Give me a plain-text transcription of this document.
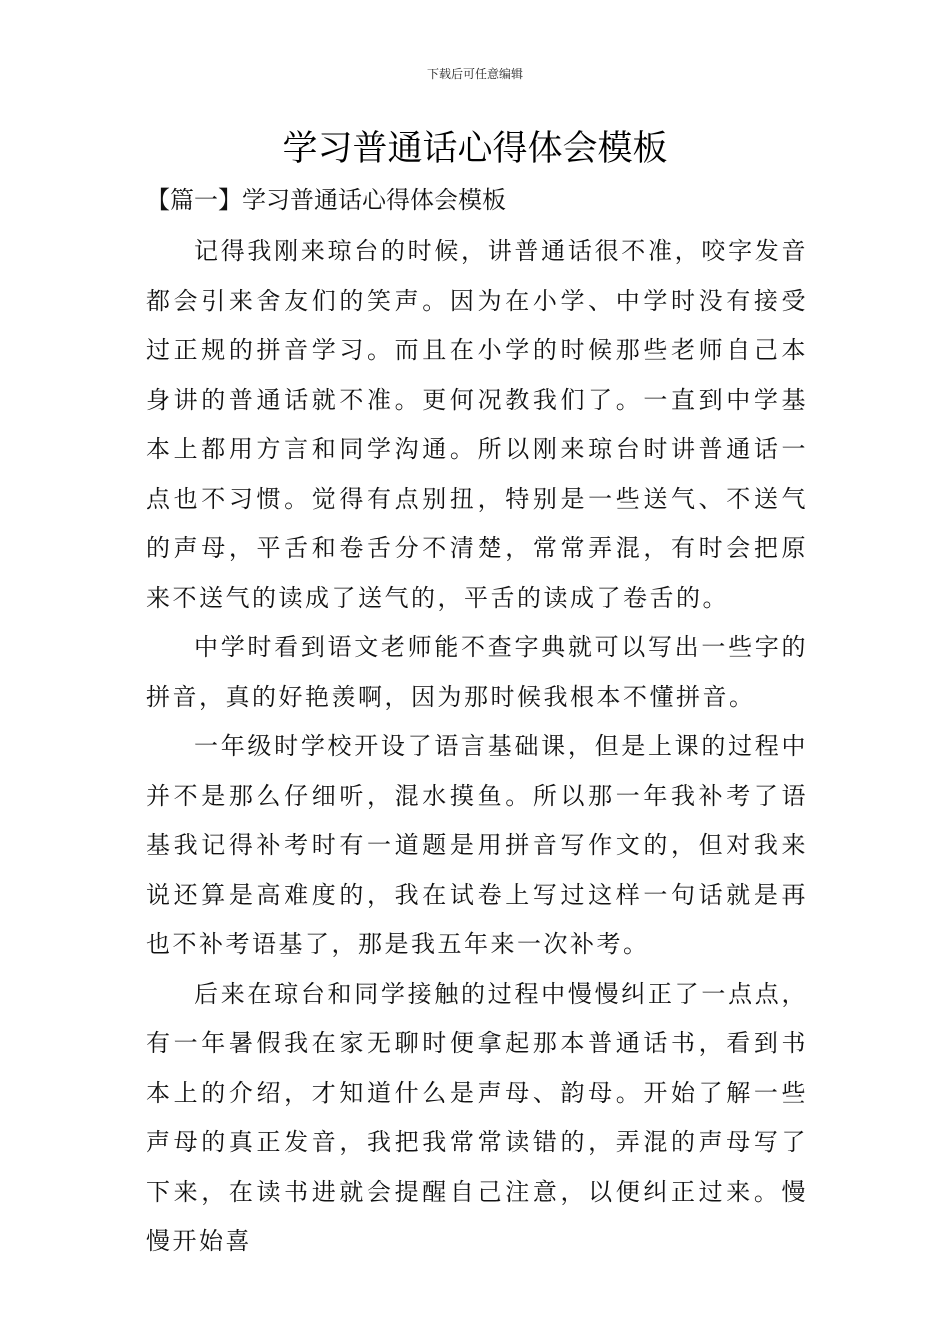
下载后可任意编辑
学习普通话心得体会模板
【篇一】学习普通话心得体会模板

记得我刚来琼台的时候，讲普通话很不准，咬字发音都会引来舍友们的笑声。因为在小学、中学时没有接受过正规的拼音学习。而且在小学的时候那些老师自己本身讲的普通话就不准。更何况教我们了。一直到中学基本上都用方言和同学沟通。所以刚来琼台时讲普通话一点也不习惯。觉得有点别扭，特别是一些送气、不送气的声母，平舌和卷舌分不清楚，常常弄混，有时会把原来不送气的读成了送气的，平舌的读成了卷舌的。

中学时看到语文老师能不查字典就可以写出一些字的拼音，真的好艳羡啊，因为那时候我根本不懂拼音。

一年级时学校开设了语言基础课，但是上课的过程中并不是那么仔细听，混水摸鱼。所以那一年我补考了语基我记得补考时有一道题是用拼音写作文的，但对我来说还算是高难度的，我在试卷上写过这样一句话就是再也不补考语基了，那是我五年来一次补考。

后来在琼台和同学接触的过程中慢慢纠正了一点点，有一年暑假我在家无聊时便拿起那本普通话书，看到书本上的介绍，才知道什么是声母、韵母。开始了解一些声母的真正发音，我把我常常读错的，弄混的声母写了下来，在读书进就会提醒自己注意，以便纠正过来。慢慢开始喜
